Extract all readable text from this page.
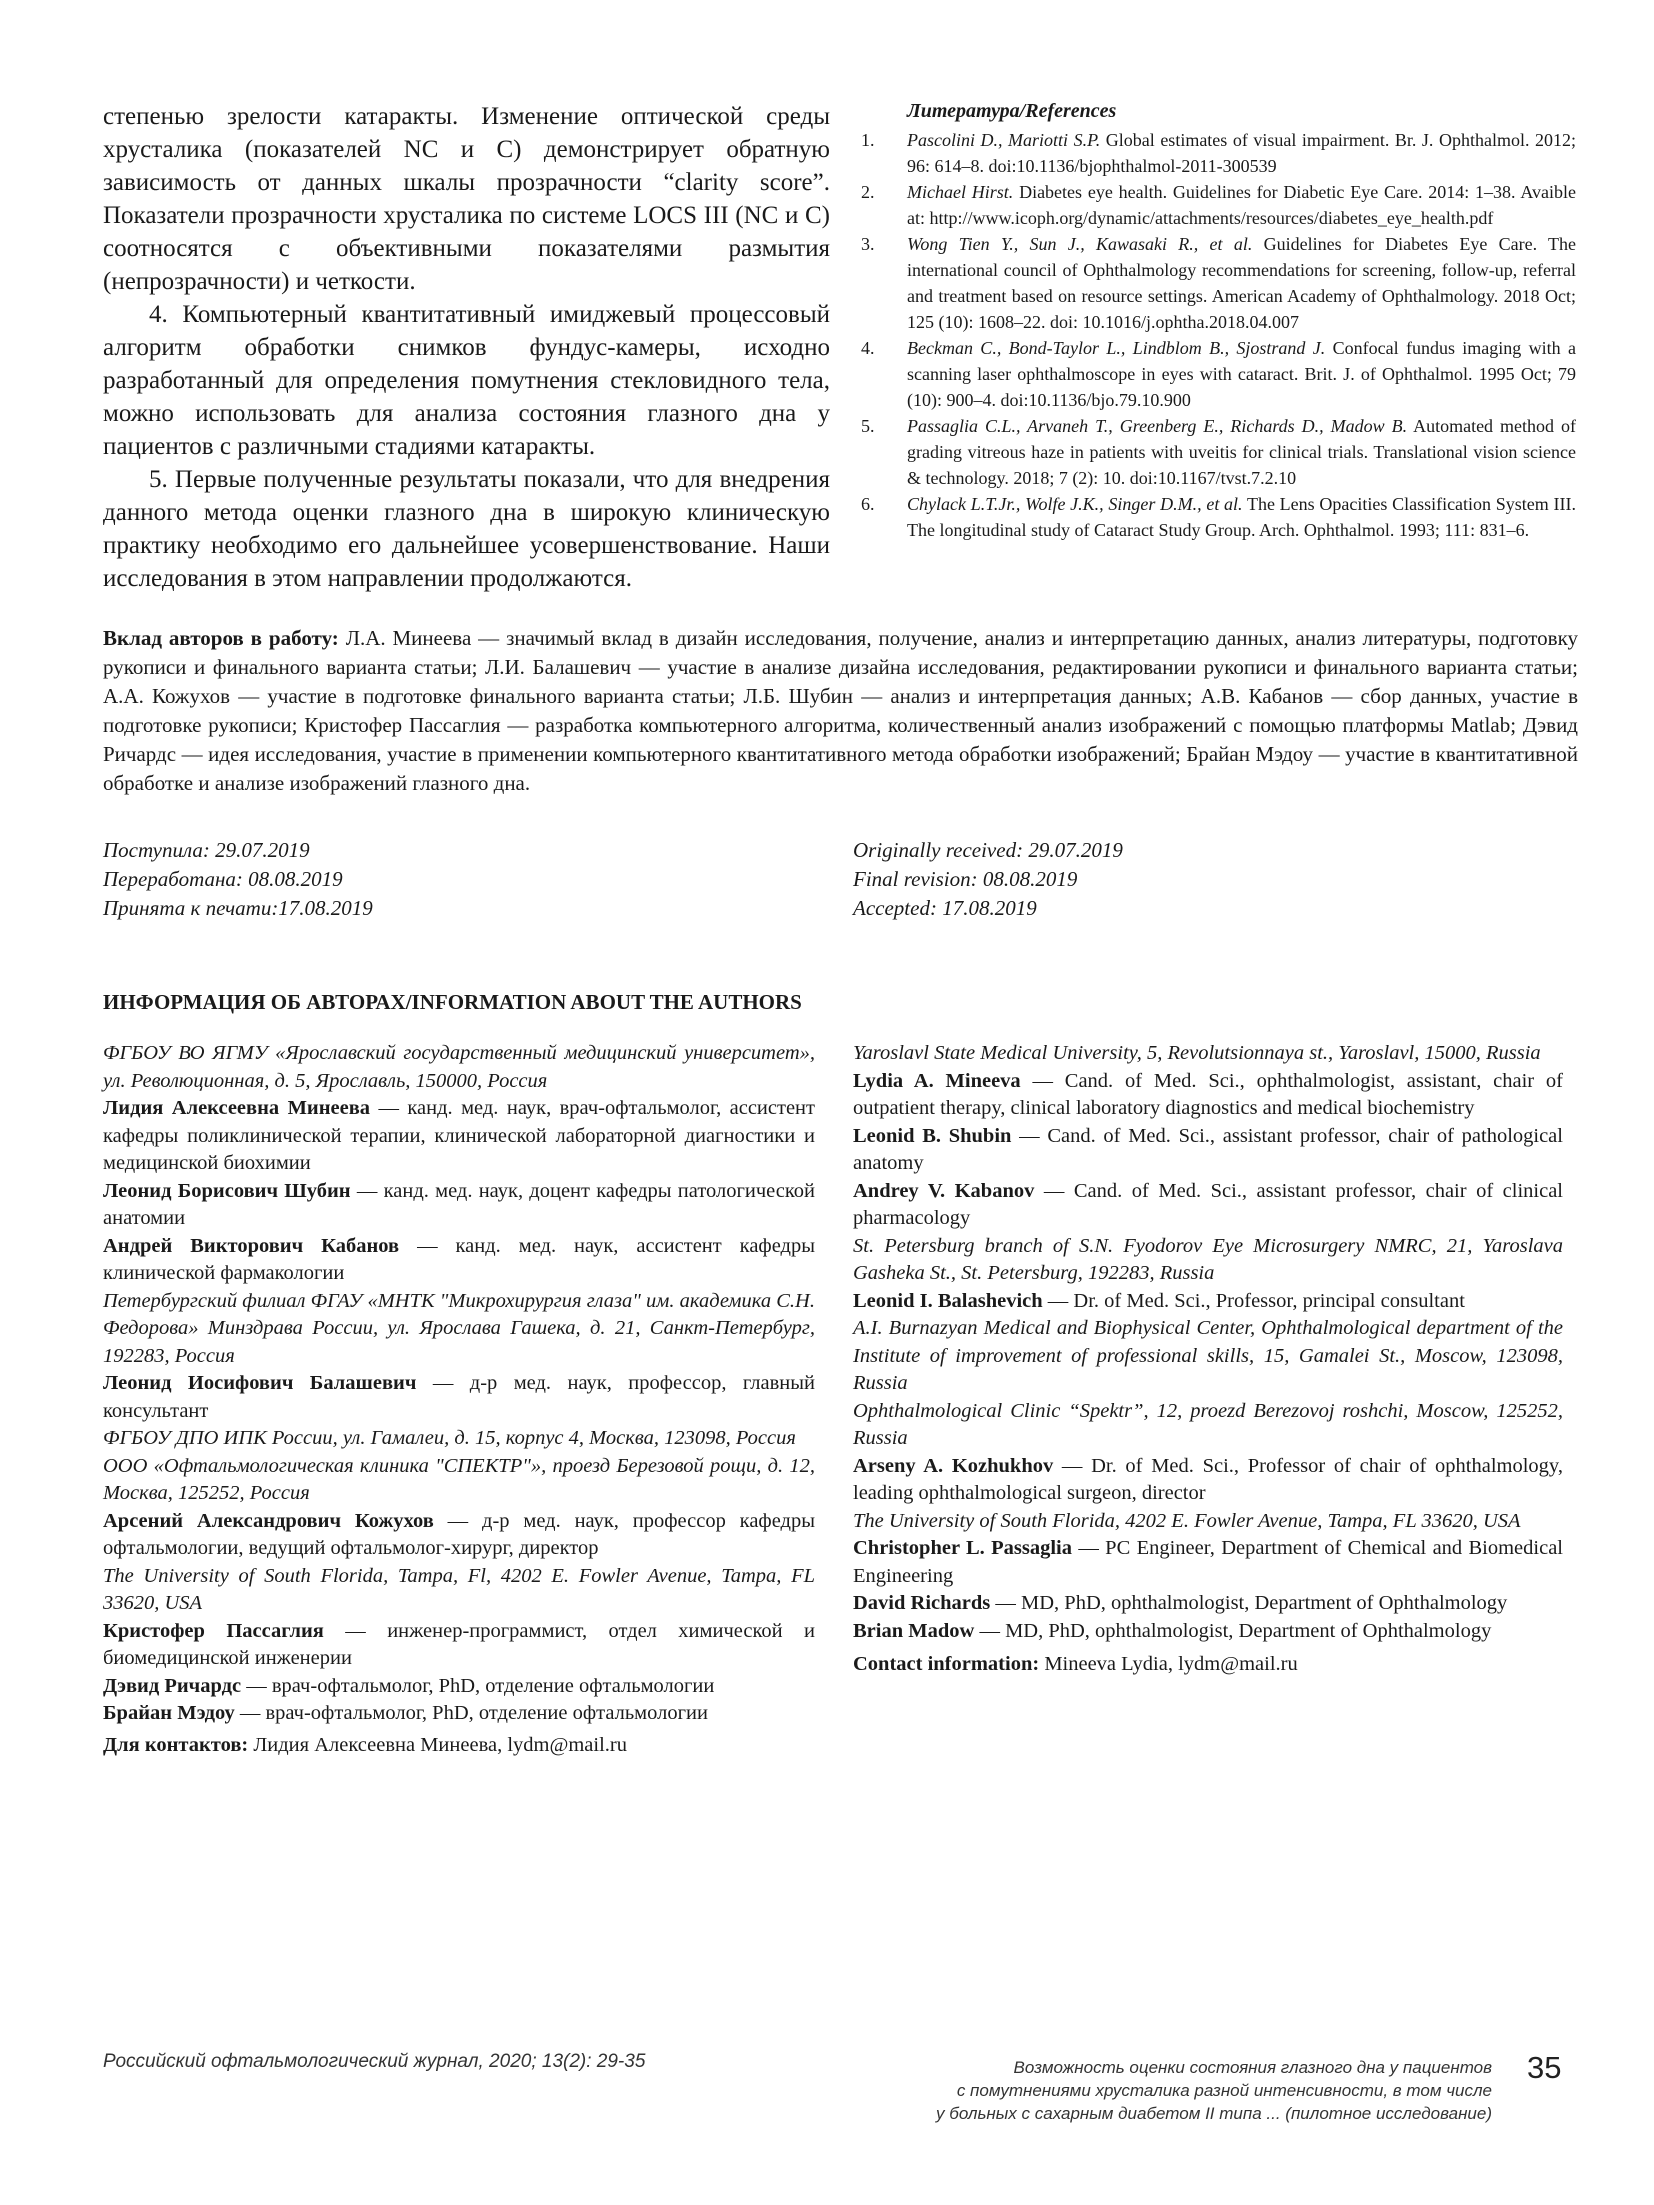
степенью зрелости катаракты. Изменение оптической среды хрусталика (показателей NC и C) демонстрирует обратную зависимость от данных шкалы прозрачности “clarity score”. Показатели прозрачности хрусталика по системе LOCS III (NC и C) соотносятся с объективными показателями размытия (непрозрачности) и четкости.

4. Компьютерный квантитативный имиджевый процессовый алгоритм обработки снимков фундус-камеры, исходно разработанный для определения помутнения стекловидного тела, можно использовать для анализа состояния глазного дна у пациентов с различными стадиями катаракты.

5. Первые полученные результаты показали, что для внедрения данного метода оценки глазного дна в широкую клиническую практику необходимо его дальнейшее усовершенствование. Наши исследования в этом направлении продолжаются.

Литература/References
1.	Pascolini D., Mariotti S.P. Global estimates of visual impairment. Br. J. Ophthalmol. 2012; 96: 614–8. doi:10.1136/bjophthalmol-2011-300539
2.	Michael Hirst. Diabetes eye health. Guidelines for Diabetic Eye Care. 2014: 1–38. Avaible at: http://www.icoph.org/dynamic/attachments/resources/diabetes_eye_health.pdf
3.	Wong Tien Y., Sun J., Kawasaki R., et al. Guidelines for Diabetes Eye Care. The international council of Ophthalmology recommendations for screening, follow-up, referral and treatment based on resource settings. American Academy of Ophthalmology. 2018 Oct; 125 (10): 1608–22. doi: 10.1016/j.ophtha.2018.04.007
4.	Beckman C., Bond-Taylor L., Lindblom B., Sjostrand J. Confocal fundus imaging with a scanning laser ophthalmoscope in eyes with cataract. Brit. J. of Ophthalmol. 1995 Oct; 79 (10): 900–4. doi:10.1136/bjo.79.10.900
5.	Passaglia C.L., Arvaneh T., Greenberg E., Richards D., Madow B. Automated method of grading vitreous haze in patients with uveitis for clinical trials. Translational vision science & technology. 2018; 7 (2): 10. doi:10.1167/tvst.7.2.10
6.	Chylack L.T.Jr., Wolfe J.K., Singer D.M., et al. The Lens Opacities Classification System III. The longitudinal study of Cataract Study Group. Arch. Ophthalmol. 1993; 111: 831–6.
Вклад авторов в работу: Л.А. Минеева — значимый вклад в дизайн исследования, получение, анализ и интерпретацию данных, анализ литературы, подготовку рукописи и финального варианта статьи; Л.И. Балашевич — участие в анализе дизайна исследования, редактировании рукописи и финального варианта статьи; А.А. Кожухов — участие в подготовке финального варианта статьи; Л.Б. Шубин — анализ и интерпретация данных; А.В. Кабанов — сбор данных, участие в подготовке рукописи; Кристофер Пассаглия — разработка компьютерного алгоритма, количественный анализ изображений с помощью платформы Matlab; Дэвид Ричардс — идея исследования, участие в применении компьютерного квантитативного метода обработки изображений; Брайан Мэдоу — участие в квантитативной обработке и анализе изображений глазного дна.
Поступила: 29.07.2019
Переработана: 08.08.2019
Принята к печати:17.08.2019
Originally received: 29.07.2019
Final revision: 08.08.2019
Accepted: 17.08.2019
ИНФОРМАЦИЯ ОБ АВТОРАХ/INFORMATION ABOUT THE AUTHORS

ФГБОУ ВО ЯГМУ «Ярославский государственный медицинский университет», ул. Революционная, д. 5, Ярославль, 150000, Россия

Лидия Алексеевна Минеева — канд. мед. наук, врач-офтальмолог, ассистент кафедры поликлинической терапии, клинической лабораторной диагностики и медицинской биохимии

Леонид Борисович Шубин — канд. мед. наук, доцент кафедры патологической анатомии

Андрей Викторович Кабанов — канд. мед. наук, ассистент кафедры клинической фармакологии

Петербургский филиал ФГАУ «МНТК "Микрохирургия глаза" им. академика С.Н. Федорова» Минздрава России, ул. Ярослава Гашека, д. 21, Санкт-Петербург, 192283, Россия

Леонид Иосифович Балашевич — д-р мед. наук, профессор, главный консультант

ФГБОУ ДПО ИПК России, ул. Гамалеи, д. 15, корпус 4, Москва, 123098, Россия

ООО «Офтальмологическая клиника "СПЕКТР"», проезд Березовой рощи, д. 12, Москва, 125252, Россия

Арсений Александрович Кожухов — д-р мед. наук, профессор кафедры офтальмологии, ведущий офтальмолог-хирург, директор

The University of South Florida, Tampa, Fl, 4202 E. Fowler Avenue, Tampa, FL 33620, USA

Кристофер Пассаглия — инженер-программист, отдел химической и биомедицинской инженерии

Дэвид Ричардс — врач-офтальмолог, PhD, отделение офтальмологии

Брайан Мэдоу — врач-офтальмолог, PhD, отделение офтальмологии

Для контактов: Лидия Алексеевна Минеева, lydm@mail.ru

Yaroslavl State Medical University, 5, Revolutsionnaya st., Yaroslavl, 15000, Russia

Lydia A. Mineeva — Cand. of Med. Sci., ophthalmologist, assistant, chair of outpatient therapy, clinical laboratory diagnostics and medical biochemistry

Leonid B. Shubin — Cand. of Med. Sci., assistant professor, chair of pathological anatomy

Andrey V. Kabanov — Cand. of Med. Sci., assistant professor, chair of clinical pharmacology

St. Petersburg branch of S.N. Fyodorov Eye Microsurgery NMRC, 21, Yaroslava Gasheka St., St. Petersburg, 192283, Russia

Leonid I. Balashevich — Dr. of Med. Sci., Professor, principal consultant

A.I. Burnazyan Medical and Biophysical Center, Ophthalmological department of the Institute of improvement of professional skills, 15, Gamalei St., Moscow, 123098, Russia

Ophthalmological Clinic “Spektr”, 12, proezd Berezovoj roshchi, Moscow, 125252, Russia

Arseny A. Kozhukhov — Dr. of Med. Sci., Professor of chair of ophthalmology, leading ophthalmological surgeon, director

The University of South Florida, 4202 E. Fowler Avenue, Tampa, FL 33620, USA

Christopher L. Passaglia — PC Engineer, Department of Chemical and Biomedical Engineering

David Richards — MD, PhD, ophthalmologist, Department of Ophthalmology

Brian Madow — MD, PhD, ophthalmologist, Department of Ophthalmology

Contact information: Mineeva Lydia, lydm@mail.ru

Российский офтальмологический журнал, 2020; 13(2): 29-35	Возможность оценки состояния глазного дна у пациентов
с помутнениями хрусталика разной интенсивности, в том числе
у больных с сахарным диабетом II типа ... (пилотное исследование)
35
